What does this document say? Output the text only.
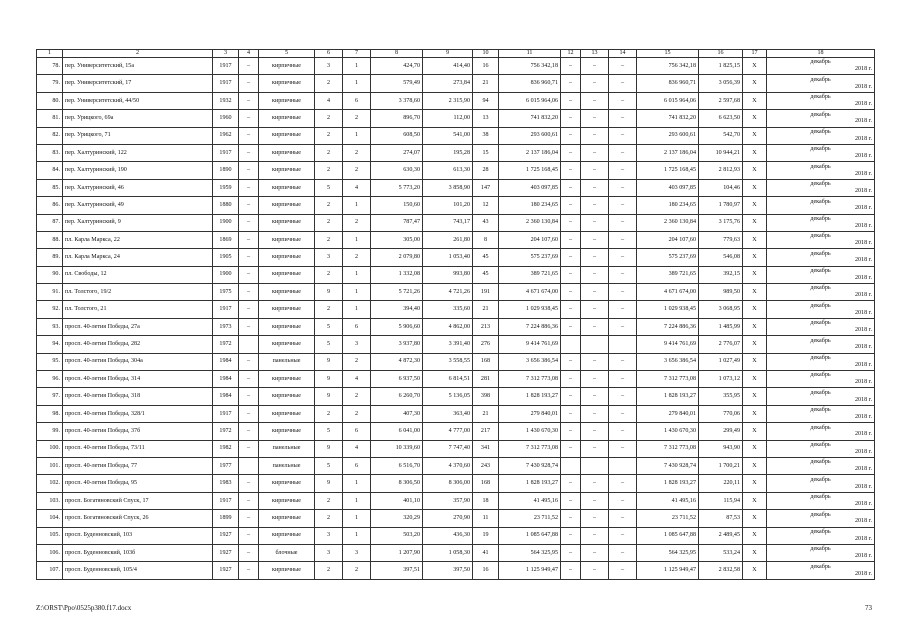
1	2	3	4	5	6	7	8	9	10	11	12	13	14	15	16	17	18
78.	пер. Университетский, 15а	1917	–	кирпичные	3	1	424,70	414,40	16	756 342,18	–	–	–	756 342,18	1 825,15	Х	декабрь
2018 г.

79.	пер. Университетский, 17	1917	–	кирпичные	2	1	579,49	273,84	21	836 960,71	–	–	–	836 960,71	3 056,39	Х	декабрь
2018 г.

80.	пер. Университетский, 44/50	1932	–	кирпичные	4	6	3 378,60	2 315,90	94	6 015 964,06	–	–	–	6 015 964,06	2 597,68	Х	декабрь
2018 г.

81.	пер. Урицкого, 69а	1960	–	кирпичные	2	2	896,70	112,00	13	741 832,20	–	–	–	741 832,20	6 623,50	Х	декабрь
2018 г.

82.	пер. Урицкого, 71	1962	–	кирпичные	2	1	608,50	541,00	38	293 600,61	–	–	–	293 600,61	542,70	Х	декабрь
2018 г.

83.	пер. Халтуринский, 122	1917	–	кирпичные	2	2	274,07	195,28	15	2 137 186,04	–	–	–	2 137 186,04	10 944,21	Х	декабрь
2018 г.

84.	пер. Халтуринский, 190	1890	–	кирпичные	2	2	630,30	613,30	28	1 725 168,45	–	–	–	1 725 168,45	2 812,93	Х	декабрь
2018 г.

85.	пер. Халтуринский, 46	1959	–	кирпичные	5	4	5 773,20	3 858,90	147	403 097,85	–	–	–	403 097,85	104,46	Х	декабрь
2018 г.

86.	пер. Халтуринский, 49	1880	–	кирпичные	2	1	150,60	101,20	12	180 234,65	–	–	–	180 234,65	1 780,97	Х	декабрь
2018 г.

87.	пер. Халтуринский, 9	1900	–	кирпичные	2	2	787,47	743,17	43	2 360 130,84	–	–	–	2 360 130,84	3 175,76	Х	декабрь
2018 г.

88.	пл. Карла Маркса, 22	1869	–	кирпичные	2	1	305,00	261,80	8	204 107,60	–	–	–	204 107,60	779,63	Х	декабрь
2018 г.

89.	пл. Карла Маркса, 24	1905	–	кирпичные	3	2	2 079,80	1 053,40	45	575 237,69	–	–	–	575 237,69	546,08	Х	декабрь
2018 г.

90.	пл. Свободы, 12	1900	–	кирпичные	2	1	1 332,08	993,80	45	389 721,65	–	–	–	389 721,65	392,15	Х	декабрь
2018 г.

91.	пл. Толстого, 19/2	1975	–	кирпичные	9	1	5 721,26	4 721,26	191	4 671 674,00	–	–	–	4 671 674,00	989,50	Х	декабрь
2018 г.

92.	пл. Толстого, 21	1917	–	кирпичные	2	1	394,40	335,60	21	1 029 938,45	–	–	–	1 029 938,45	3 068,95	Х	декабрь
2018 г.

93.	просп. 40-летия Победы, 27а	1973	–	кирпичные	5	6	5 906,60	4 862,00	213	7 224 886,36	–	–	–	7 224 886,36	1 485,99	Х	декабрь
2018 г.

94.	просп. 40-летия Победы, 282	1972		кирпичные	5	3	3 937,80	3 391,40	276	9 414 761,69				9 414 761,69	2 776,07	Х	декабрь
2018 г.

95.	просп. 40-летия Победы, 304а	1984	–	панельные	9	2	4 872,30	3 558,55	168	3 656 386,54	–	–	–	3 656 386,54	1 027,49	Х	декабрь
2018 г.

96.	просп. 40-летия Победы, 314	1984	–	кирпичные	9	4	6 937,50	6 814,51	281	7 312 773,08	–	–	–	7 312 773,08	1 073,12	Х	декабрь
2018 г.

97.	просп. 40-летия Победы, 318	1984	–	кирпичные	9	2	6 260,70	5 136,05	398	1 828 193,27	–	–	–	1 828 193,27	355,95	Х	декабрь
2018 г.

98.	просп. 40-летия Победы, 328/1	1917	–	кирпичные	2	2	407,30	363,40	21	279 840,01	–	–	–	279 840,01	770,06	Х	декабрь
2018 г.

99.	просп. 40-летия Победы, 37б	1972	–	кирпичные	5	6	6 041,00	4 777,00	217	1 430 670,30	–	–	–	1 430 670,30	299,49	Х	декабрь
2018 г.

100.	просп. 40-летия Победы, 73/11	1982	–	панельные	9	4	10 339,60	7 747,40	341	7 312 773,08	–	–	–	7 312 773,08	943,90	Х	декабрь
2018 г.

101.	просп. 40-летия Победы, 77	1977		панельные	5	6	6 516,70	4 370,60	243	7 430 928,74				7 430 928,74	1 700,21	Х	декабрь
2018 г.

102.	просп. 40-летия Победы, 95	1983	–	кирпичные	9	1	8 306,50	8 306,00	168	1 828 193,27	–	–	–	1 828 193,27	220,11	Х	декабрь
2018 г.

103.	просп. Богатяновский Спуск, 17	1917	–	кирпичные	2	1	401,10	357,90	18	41 495,16	–	–	–	41 495,16	115,94	Х	декабрь
2018 г.

104.	просп. Богатяновский Спуск, 26	1899	–	кирпичные	2	1	320,29	270,90	11	23 711,52	–	–	–	23 711,52	87,53	Х	декабрь
2018 г.

105.	просп. Буденновский, 103	1927	–	кирпичные	3	1	503,20	436,30	19	1 085 647,88	–	–	–	1 085 647,88	2 489,45	Х	декабрь
2018 г.

106.	просп. Буденновский, 103б	1927	–	блочные	3	3	1 207,90	1 058,30	41	564 325,95	–	–	–	564 325,95	533,24	Х	декабрь
2018 г.

107.	просп. Буденновский, 105/4	1927	–	кирпичные	2	2	397,51	397,50	16	1 125 949,47	–	–	–	1 125 949,47	2 832,58	Х	декабрь
2018 г.
Z:\ORST\Ppo\0525p380.f17.docx	73
